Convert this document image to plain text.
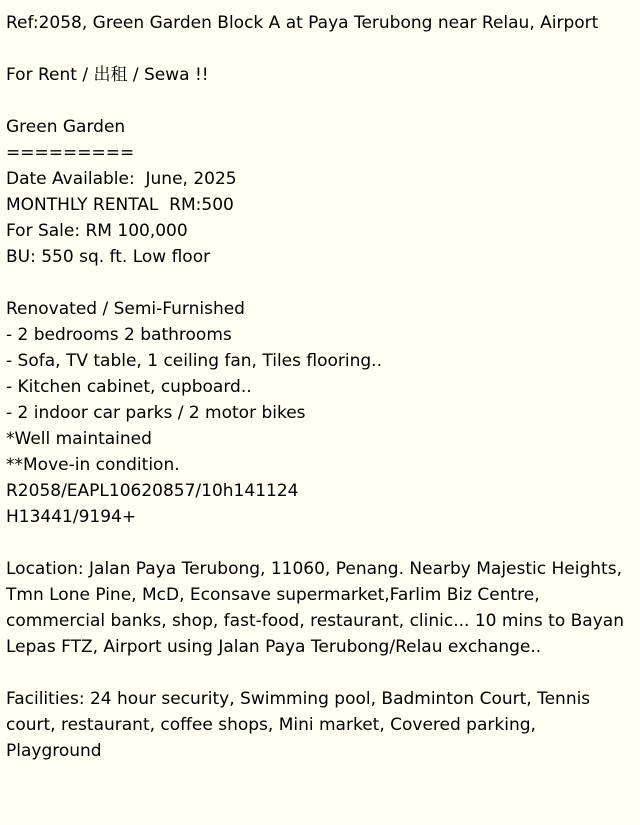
Ref:2058, Green Garden Block A at Paya Terubong near Relau, Airport

For Rent / 出租 / Sewa !!

Green Garden

=========

Date Available:  June, 2025

MONTHLY RENTAL  RM:500

For Sale: RM 100,000

BU: 550 sq. ft. Low floor

Renovated / Semi-Furnished

- 2 bedrooms 2 bathrooms

- Sofa, TV table, 1 ceiling fan, Tiles flooring..

- Kitchen cabinet, cupboard..

- 2 indoor car parks / 2 motor bikes

*Well maintained

**Move-in condition.

R2058/EAPL10620857/10h141124

H13441/9194+

Location: Jalan Paya Terubong, 11060, Penang. Nearby Majestic Heights, Tmn Lone Pine, McD, Econsave supermarket,Farlim Biz Centre, commercial banks, shop, fast-food, restaurant, clinic... 10 mins to Bayan Lepas FTZ, Airport using Jalan Paya Terubong/Relau exchange..

Facilities: 24 hour security, Swimming pool, Badminton Court, Tennis court, restaurant, coffee shops, Mini market, Covered parking, Playground
